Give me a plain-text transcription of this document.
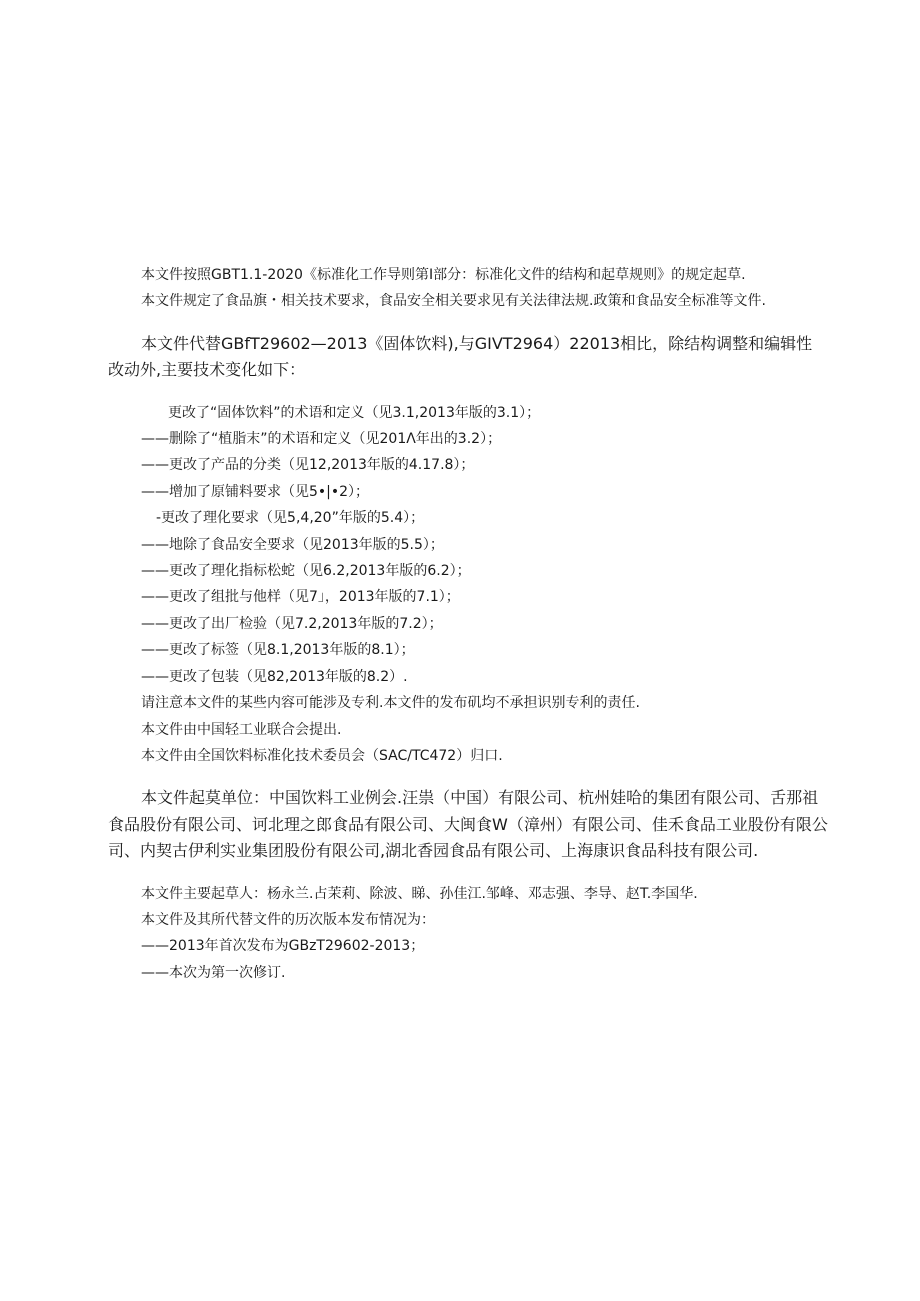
本文件按照GBT1.1-2020《标准化工作导则第I部分：标准化文件的结构和起草规则》的规定起草.

本文件规定了食品旗・相关技术要求，食品安全相关要求见有关法律法规.政策和食品安全标准等文件.

本文件代替GBfT29602—2013《固体饮料),与GIVT2964）22013相比，除结构调整和编辑性改动外,主要技术变化如下：

更改了“固体饮料”的术语和定义（见3.1,2013年版的3.1）；

——删除了“植脂末”的术语和定义（见201Λ年出的3.2）；

——更改了产品的分类（见12,2013年版的4.17.8）；

——增加了原铺料要求（见5•|•2）；

-更改了理化要求（见5,4,20”年版的5.4）；

——地除了食品安全要求（见2013年版的5.5）；

——更改了理化指标松蛇（见6.2,2013年版的6.2）；

——更改了组批与他样（见7」，2013年版的7.1）；

——更改了出厂检验（见7.2,2013年版的7.2）；

——更改了标签（见8.1,2013年版的8.1）；

——更改了包装（见82,2013年版的8.2）.

请注意本文件的某些内容可能涉及专利.本文件的发布矶均不承担识别专利的责任.

本文件由中国轻工业联合会提出.

本文件由全国饮料标准化技术委员会（SAC/TC472）归口.

本文件起莫单位：中国饮料工业例会.汪祟（中国）有限公司、杭州娃哈的集团有限公司、舌那祖食品股份有限公司、诃北理之郎食品有限公司、大闽食W（漳州）有限公司、佳禾食品工业股份有限公司、内契古伊利实业集团股份有限公司,湖北香园食品有限公司、上海康识食品科技有限公司.

本文件主要起草人：杨永兰.占茉莉、除波、睇、孙佳江.邹峰、邓志强、李导、赵T.李国华.

本文件及其所代替文件的历次版本发布情况为：

——2013年首次发布为GBzT29602-2013；

——本次为第一次修订.
